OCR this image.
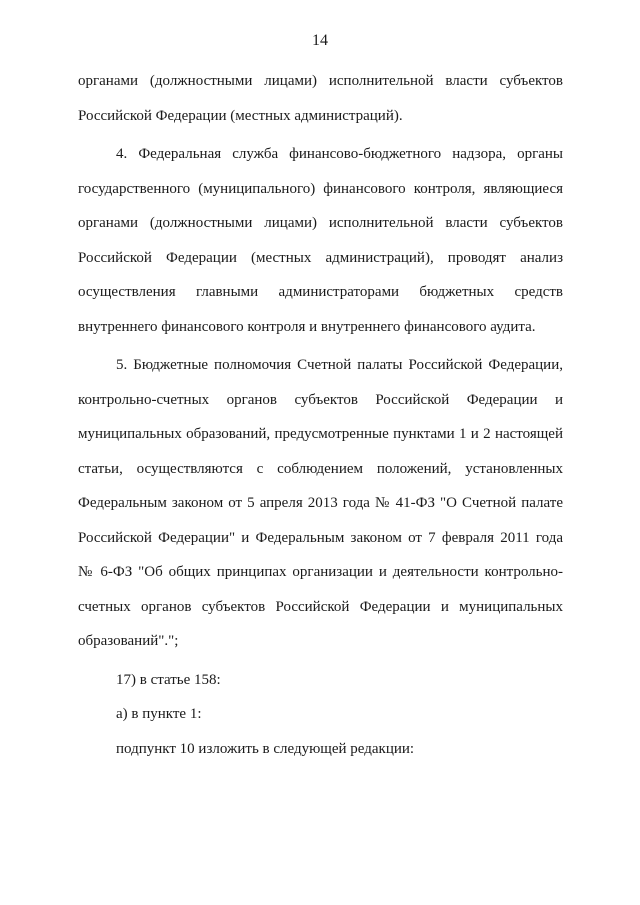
14
органами (должностными лицами) исполнительной власти субъектов
Российской Федерации (местных администраций).
4. Федеральная служба финансово-бюджетного надзора, органы
государственного (муниципального) финансового контроля, являющиеся
органами (должностными лицами) исполнительной власти субъектов
Российской Федерации (местных администраций), проводят анализ
осуществления главными администраторами бюджетных средств
внутреннего финансового контроля и внутреннего финансового аудита.
5. Бюджетные полномочия Счетной палаты Российской Федерации,
контрольно-счетных органов субъектов Российской Федерации и
муниципальных образований, предусмотренные пунктами 1 и 2 настоящей
статьи, осуществляются с соблюдением положений, установленных
Федеральным законом от 5 апреля 2013 года № 41-ФЗ "О Счетной палате
Российской Федерации" и Федеральным законом от 7 февраля 2011 года
№ 6-ФЗ "Об общих принципах организации и деятельности контрольно-
счетных органов субъектов Российской Федерации и муниципальных
образований".";
17) в статье 158:
а) в пункте 1:
подпункт 10 изложить в следующей редакции:
